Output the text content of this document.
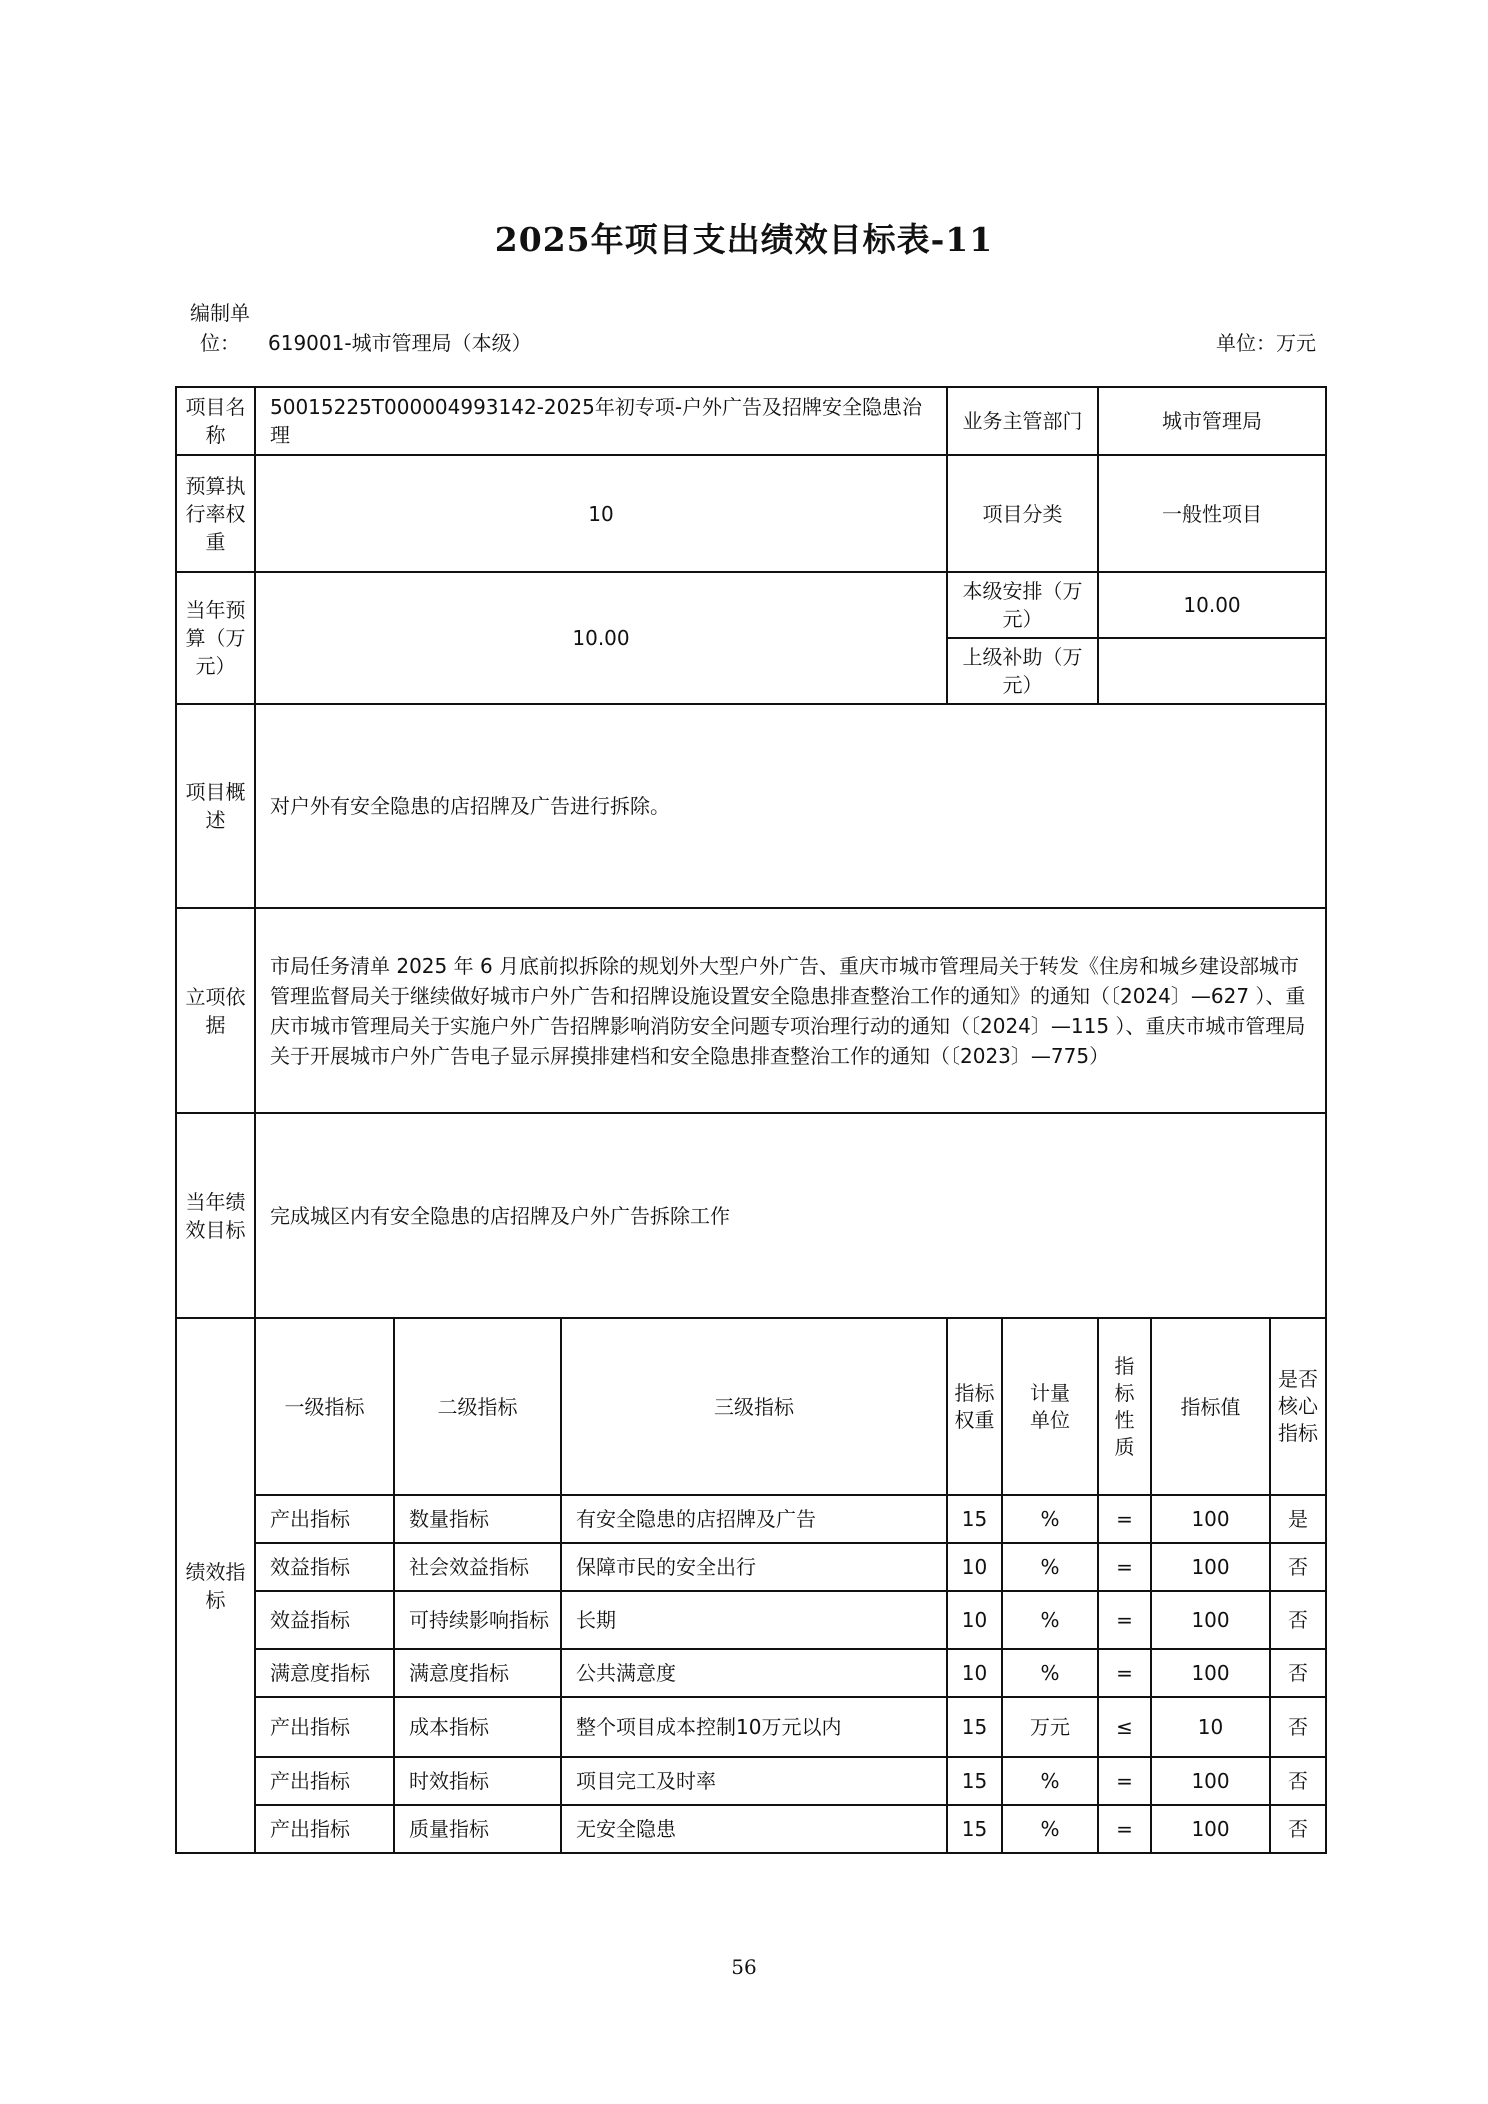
2025年项目支出绩效目标表-11
编制单位：	619001-城市管理局（本级）	单位：万元
项目名称	50015225T000004993142-2025年初专项-户外广告及招牌安全隐患治理			业务主管部门		城市管理局		
预算执行率权重	10			项目分类		一般性项目		
当年预算（万元）	10.00			本级安排（万元）		10.00		
				上级补助（万元）				
项目概述	对户外有安全隐患的店招牌及广告进行拆除。							
立项依据	市局任务清单 2025 年 6 月底前拟拆除的规划外大型户外广告、重庆市城市管理局关于转发《住房和城乡建设部城市管理监督局关于继续做好城市户外广告和招牌设施设置安全隐患排查整治工作的通知》的通知（〔2024〕—627 ）、重庆市城市管理局关于实施户外广告招牌影响消防安全问题专项治理行动的通知（〔2024〕—115 ）、重庆市城市管理局关于开展城市户外广告电子显示屏摸排建档和安全隐患排查整治工作的通知（〔2023〕—775）							
当年绩效目标	完成城区内有安全隐患的店招牌及户外广告拆除工作							
绩效指标	一级指标	二级指标	三级指标	指标权重	计量单位	指标性质	指标值	是否核心指标
	产出指标	数量指标	有安全隐患的店招牌及广告	15	%	=	100	是
	效益指标	社会效益指标	保障市民的安全出行	10	%	=	100	否
	效益指标	可持续影响指标	长期	10	%	=	100	否
	满意度指标	满意度指标	公共满意度	10	%	=	100	否
	产出指标	成本指标	整个项目成本控制10万元以内	15	万元	≤	10	否
	产出指标	时效指标	项目完工及时率	15	%	=	100	否
	产出指标	质量指标	无安全隐患	15	%	=	100	否
56
